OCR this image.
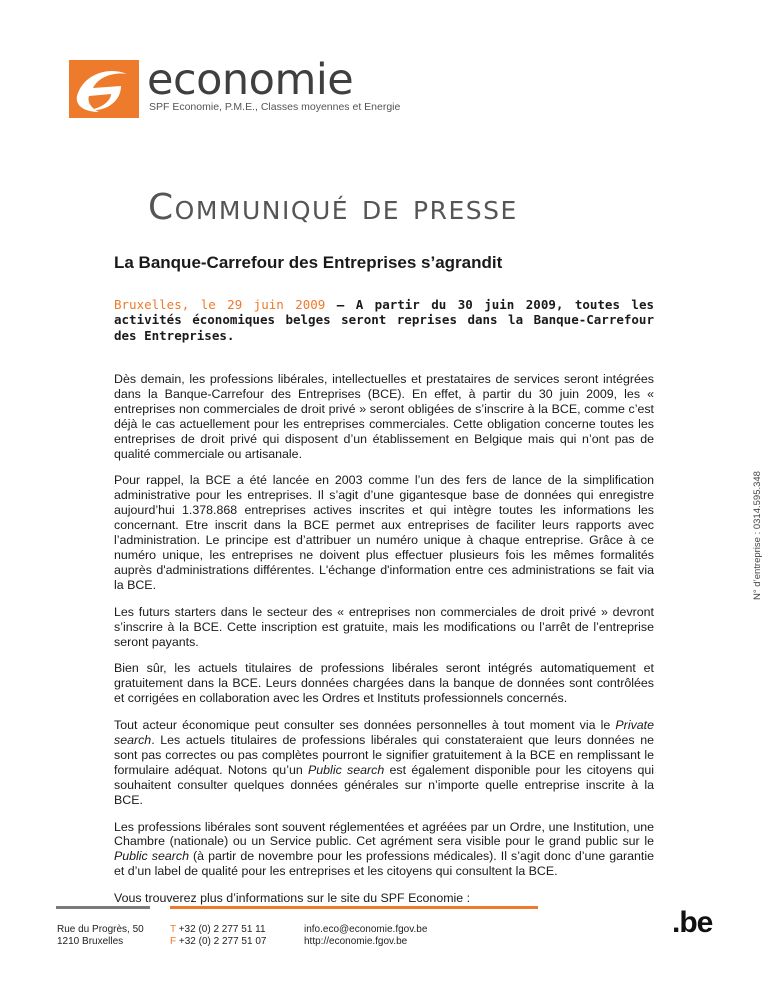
economie
SPF Economie, P.M.E., Classes moyennes et Energie
Communiqué de presse
La Banque-Carrefour des Entreprises s’agrandit
Bruxelles, le 29 juin 2009 – A partir du 30 juin 2009, toutes les activités économiques belges seront reprises dans la Banque-Carrefour des Entreprises.

Dès demain, les professions libérales, intellectuelles et prestataires de services seront intégrées dans la Banque-Carrefour des Entreprises (BCE). En effet, à partir du 30 juin 2009, les « entreprises non commerciales de droit privé » seront obligées de s’inscrire à la BCE, comme c’est déjà le cas actuellement pour les entreprises commerciales. Cette obligation concerne toutes les entreprises de droit privé qui disposent d’un établissement en Belgique mais qui n’ont pas de qualité commerciale ou artisanale.

Pour rappel, la BCE a été lancée en 2003 comme l’un des fers de lance de la simplification administrative pour les entreprises. Il s’agit d’une gigantesque base de données qui enregistre aujourd’hui 1.378.868 entreprises actives inscrites et qui intègre toutes les informations les concernant. Etre inscrit dans la BCE permet aux entreprises de faciliter leurs rapports avec l’administration. Le principe est d’attribuer un numéro unique à chaque entreprise. Grâce à ce numéro unique, les entreprises ne doivent plus effectuer plusieurs fois les mêmes formalités auprès d'administrations différentes. L'échange d'information entre ces administrations se fait via la BCE.

Les futurs starters dans le secteur des « entreprises non commerciales de droit privé » devront s’inscrire à la BCE. Cette inscription est gratuite, mais les modifications ou l’arrêt de l’entreprise seront payants.

Bien sûr, les actuels titulaires de professions libérales seront intégrés automatiquement et gratuitement dans la BCE. Leurs données chargées dans la banque de données sont contrôlées et corrigées en collaboration avec les Ordres et Instituts professionnels concernés.

Tout acteur économique peut consulter ses données personnelles à tout moment via le Private search. Les actuels titulaires de professions libérales qui constateraient que leurs données ne sont pas correctes ou pas complètes pourront le signifier gratuitement à la BCE en remplissant le formulaire adéquat. Notons qu’un Public search est également disponible pour les citoyens qui souhaitent consulter quelques données générales sur n’importe quelle entreprise inscrite à la BCE.

Les professions libérales sont souvent réglementées et agréées par un Ordre, une Institution, une Chambre (nationale) ou un Service public. Cet agrément sera visible pour le grand public sur le Public search (à partir de novembre pour les professions médicales). Il s’agit donc d’une garantie et d’un label de qualité pour les entreprises et les citoyens qui consultent la BCE.

Vous trouverez plus d’informations sur le site du SPF Economie :

N° d’entreprise : 0314.595.348
Rue du Progrès, 50
1210 Bruxelles
T +32 (0) 2 277 51 11
F +32 (0) 2 277 51 07
info.eco@economie.fgov.be
http://economie.fgov.be
.be
